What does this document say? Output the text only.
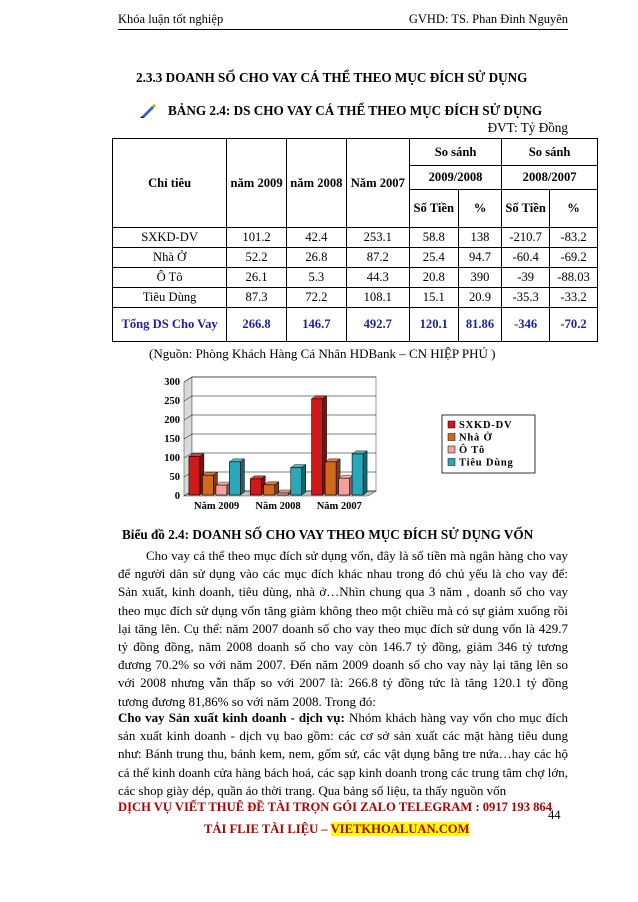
Khóa luận tốt nghiệp	GVHD: TS. Phan Đình Nguyên
2.3.3 DOANH SỐ CHO VAY CÁ THỂ THEO MỤC ĐÍCH SỬ DỤNG
BẢNG 2.4: DS CHO VAY CÁ THỂ THEO MỤC ĐÍCH SỬ DỤNG
ĐVT: Tỷ Đồng
Chỉ tiêu	năm 2009	năm 2008	Năm 2007	So sánh		So sánh	
				2009/2008		2008/2007	
				Số Tiền	%	Số Tiền	%
SXKD-DV	101.2	42.4	253.1	58.8	138	-210.7	-83.2
Nhà Ở	52.2	26.8	87.2	25.4	94.7	-60.4	-69.2
Ô Tô	26.1	5.3	44.3	20.8	390	-39	-88.03
Tiêu Dùng	87.3	72.2	108.1	15.1	20.9	-35.3	-33.2
Tổng DS Cho Vay	266.8	146.7	492.7	120.1	81.86	-346	-70.2
(Nguồn: Phòng Khách Hàng Cá Nhân HDBank – CN HIỆP PHÚ )
0
50
100
150
200
250
300
Năm 2009 Năm 2008 Năm 2007
SXKD-DV
Nhà Ở
Ô Tô
Tiêu Dùng
Biểu đồ 2.4: DOANH SỐ CHO VAY THEO MỤC ĐÍCH SỬ DỤNG VỐN
Cho vay cá thể theo mục đích sử dụng vốn, đây là số tiền mà ngân hàng cho vay để người dân sử dụng vào các mục đích khác nhau trong đó chủ yếu là cho vay để: Sản xuất, kinh doanh, tiêu dùng, nhà ở…Nhìn chung qua 3 năm , doanh số cho vay theo mục đích sử dụng vốn tăng giảm không theo một chiều mà có sự giảm xuống rồi lại tăng lên. Cụ thể: năm 2007 doanh số cho vay theo mục đích sử dung vốn là 429.7 tỷ đồng đồng, năm 2008 doanh số cho vay còn 146.7 tỷ đồng, giảm 346 tỷ tương đương 70.2% so với năm 2007. Đến năm 2009 doanh số cho vay này lại tăng lên so với 2008 nhưng vẫn thấp so với 2007 là: 266.8 tỷ đồng tức là tăng 120.1 tỷ đồng tương đương 81,86% so với năm 2008. Trong đó:
Cho vay Sản xuất kinh doanh - dịch vụ: Nhóm khách hàng vay vốn cho mục đích sản xuất kinh doanh - dịch vụ bao gồm: các cơ sở sản xuất các mặt hàng tiêu dung như: Bánh trung thu, bánh kem, nem, gốm sứ, các vật dụng bằng tre nứa…hay các hộ cá thể kinh doanh cửa hàng bách hoá, các sạp kinh doanh trong các trung tâm chợ lớn, các shop giày dép, quần áo thời trang. Qua bảng số liệu, ta thấy nguồn vốn
44
DỊCH VỤ VIẾT THUÊ ĐỀ TÀI TRỌN GÓI ZALO TELEGRAM : 0917 193 864
TẢI FLIE TÀI LIỆU – VIETKHOALUAN.COM
